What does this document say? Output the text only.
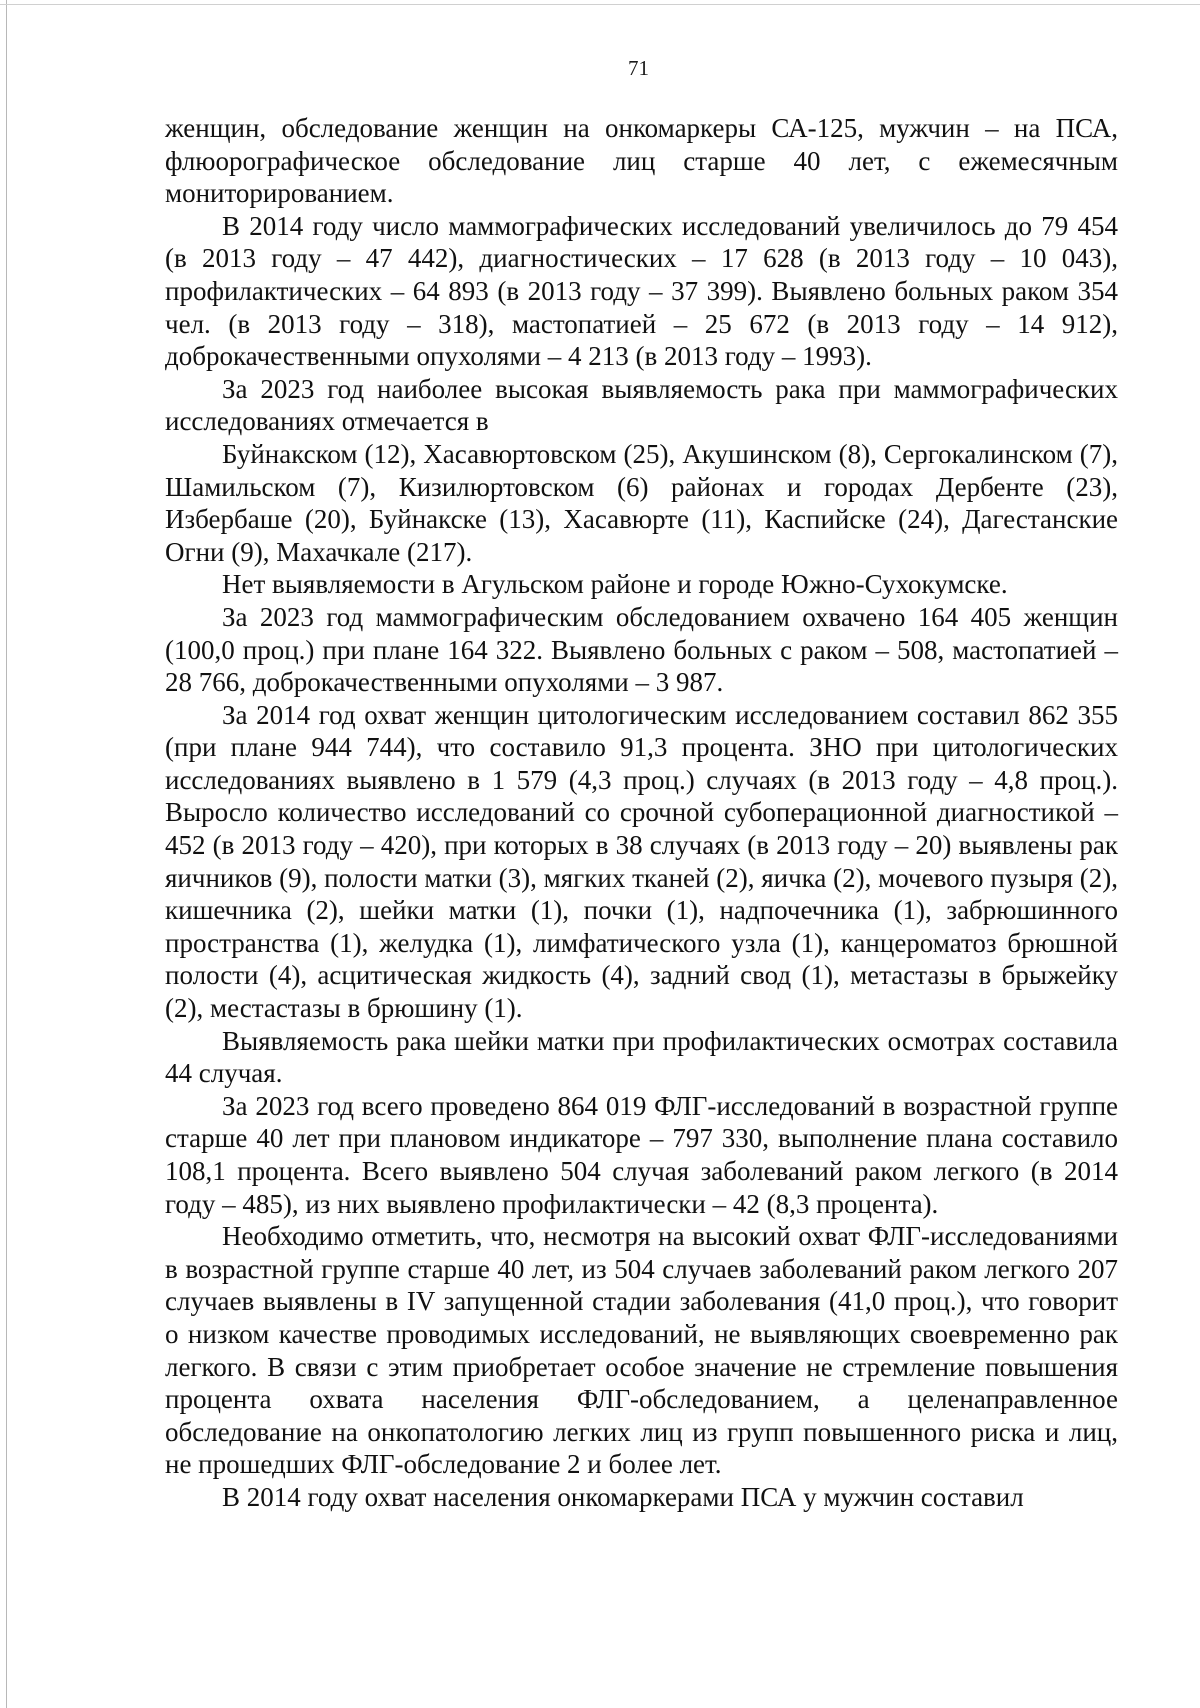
71

женщин, обследование женщин на онкомаркеры СА-125, мужчин – на ПСА, флюорографическое обследование лиц старше 40 лет, с ежемесячным мониторированием.

В 2014 году число маммографических исследований увеличилось до 79 454 (в 2013 году – 47 442), диагностических – 17 628 (в 2013 году – 10 043), профилактических – 64 893 (в 2013 году – 37 399). Выявлено больных раком 354 чел. (в 2013 году – 318), мастопатией – 25 672 (в 2013 году – 14 912), доброкачественными опухолями – 4 213 (в 2013 году – 1993).

За 2023 год наиболее высокая выявляемость рака при маммографических исследованиях отмечается в

Буйнакском (12), Хасавюртовском (25), Акушинском (8), Сергокалинском (7), Шамильском (7), Кизилюртовском (6) районах и городах Дербенте (23), Избербаше (20), Буйнакске (13), Хасавюрте (11), Каспийске (24), Дагестанские Огни (9), Махачкале (217).

Нет выявляемости в Агульском районе и городе Южно-Сухокумске.

За 2023 год маммографическим обследованием охвачено 164 405 женщин (100,0 проц.) при плане 164 322. Выявлено больных с раком – 508, мастопатией – 28 766, доброкачественными опухолями – 3 987.

За 2014 год охват женщин цитологическим исследованием составил 862 355 (при плане 944 744), что составило 91,3 процента. ЗНО при цитологических исследованиях выявлено в 1 579 (4,3 проц.) случаях (в 2013 году – 4,8 проц.). Выросло количество исследований со срочной субоперационной диагностикой – 452 (в 2013 году – 420), при которых в 38 случаях (в 2013 году – 20) выявлены рак яичников (9), полости матки (3), мягких тканей (2), яичка (2), мочевого пузыря (2), кишечника (2), шейки матки (1), почки (1), надпочечника (1), забрюшинного пространства (1), желудка (1), лимфатического узла (1), канцероматоз брюшной полости (4), асцитическая жидкость (4), задний свод (1), метастазы в брыжейку (2), местастазы в брюшину (1).

Выявляемость рака шейки матки при профилактических осмотрах составила 44 случая.

За 2023 год всего проведено 864 019 ФЛГ-исследований в возрастной группе старше 40 лет при плановом индикаторе – 797 330, выполнение плана составило 108,1 процента. Всего выявлено 504 случая заболеваний раком легкого (в 2014 году – 485), из них выявлено профилактически – 42 (8,3 процента).

Необходимо отметить, что, несмотря на высокий охват ФЛГ-исследованиями в возрастной группе старше 40 лет, из 504 случаев заболеваний раком легкого 207 случаев выявлены в IV запущенной стадии заболевания (41,0 проц.), что говорит о низком качестве проводимых исследований, не выявляющих своевременно рак легкого. В связи с этим приобретает особое значение не стремление повышения процента охвата населения ФЛГ-обследованием, а целенаправленное обследование на онкопатологию легких лиц из групп повышенного риска и лиц, не прошедших ФЛГ-обследование 2 и более лет.

В 2014 году охват населения онкомаркерами ПСА у мужчин составил
